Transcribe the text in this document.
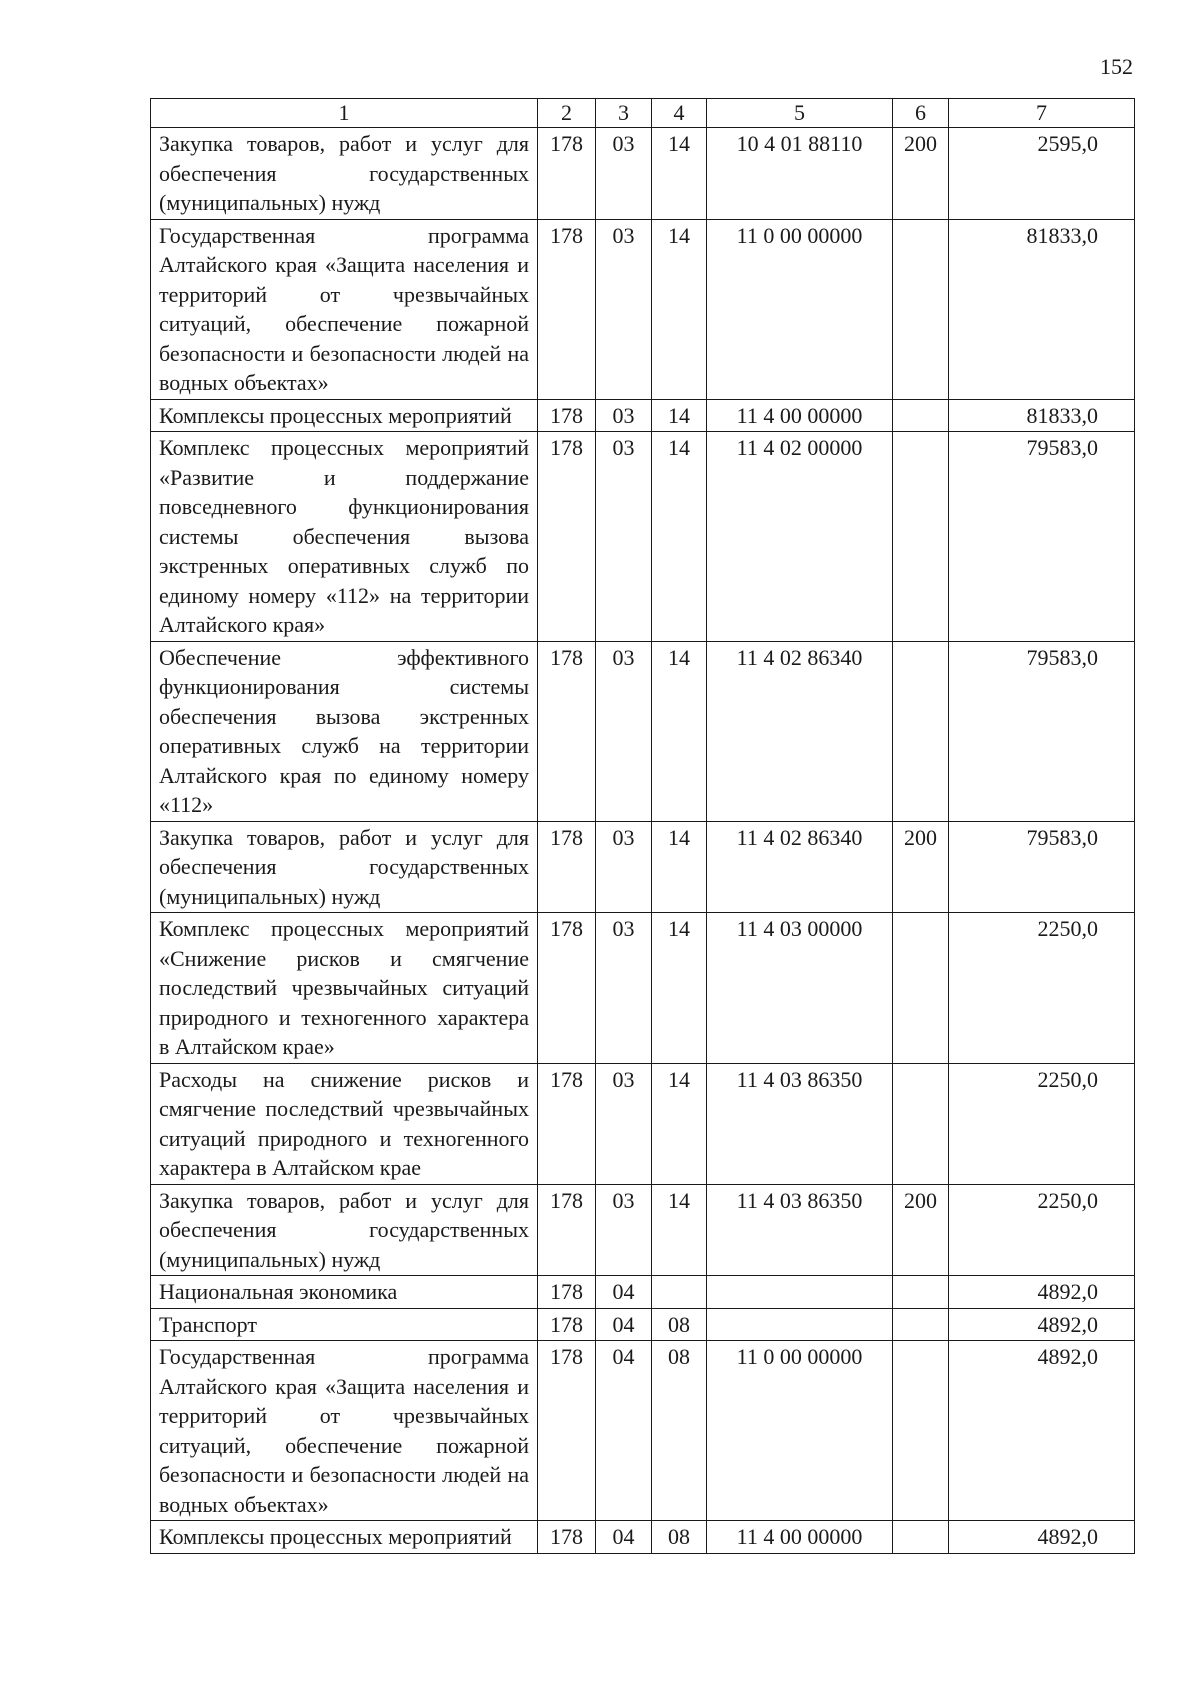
152
1	2	3	4	5	6	7
Закупка товаров, работ и услуг для обеспечения государственных (муниципальных) нужд	178	03	14	10 4 01 88110	200	2595,0
Государственная программа Алтайского края «Защита населения и территорий от чрезвычайных ситуаций, обеспечение пожарной безопасности и безопасности людей на водных объектах»	178	03	14	11 0 00 00000		81833,0
Комплексы процессных мероприятий	178	03	14	11 4 00 00000		81833,0
Комплекс процессных мероприятий «Развитие и поддержание повседневного функционирования системы обеспечения вызова экстренных оперативных служб по единому номеру «112» на территории Алтайского края»	178	03	14	11 4 02 00000		79583,0
Обеспечение эффективного функционирования системы обеспечения вызова экстренных оперативных служб на территории Алтайского края по единому номеру «112»	178	03	14	11 4 02 86340		79583,0
Закупка товаров, работ и услуг для обеспечения государственных (муниципальных) нужд	178	03	14	11 4 02 86340	200	79583,0
Комплекс процессных мероприятий «Снижение рисков и смягчение последствий чрезвычайных ситуаций природного и техногенного характера в Алтайском крае»	178	03	14	11 4 03 00000		2250,0
Расходы на снижение рисков и смягчение последствий чрезвычайных ситуаций природного и техногенного характера в Алтайском крае	178	03	14	11 4 03 86350		2250,0
Закупка товаров, работ и услуг для обеспечения государственных (муниципальных) нужд	178	03	14	11 4 03 86350	200	2250,0
Национальная экономика	178	04				4892,0
Транспорт	178	04	08			4892,0
Государственная программа Алтайского края «Защита населения и территорий от чрезвычайных ситуаций, обеспечение пожарной безопасности и безопасности людей на водных объектах»	178	04	08	11 0 00 00000		4892,0
Комплексы процессных мероприятий	178	04	08	11 4 00 00000		4892,0
